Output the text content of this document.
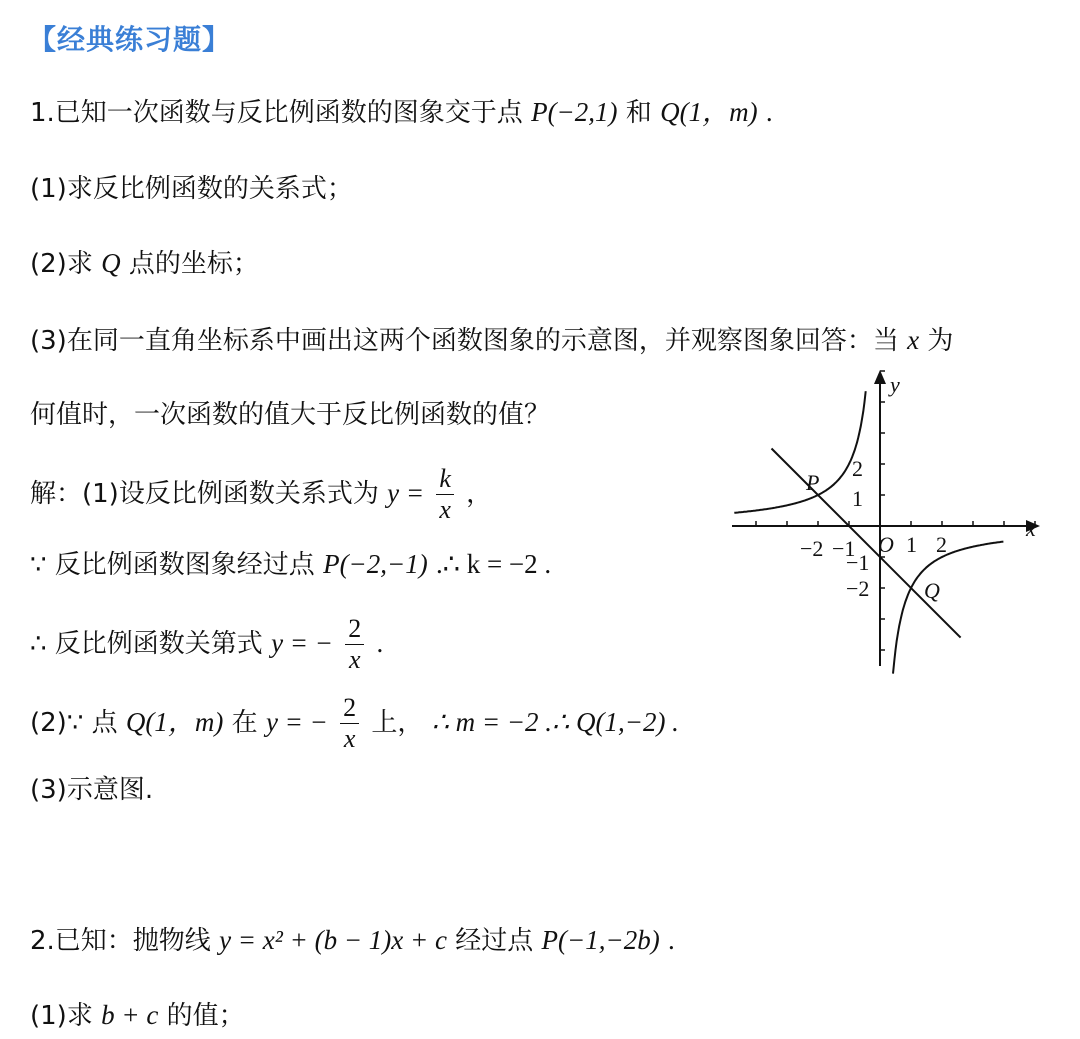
【经典练习题】
1.已知一次函数与反比例函数的图象交于点 P(−2,1) 和 Q(1，m) .
(1)求反比例函数的关系式；
(2)求 Q 点的坐标；
(3)在同一直角坐标系中画出这两个函数图象的示意图，并观察图象回答：当 x 为
何值时，一次函数的值大于反比例函数的值？
解：(1)设反比例函数关系式为 $y = \frac{k}{x}$ ，
∵ 反比例函数图象经过点 P(−2,−1) .∴ k = −2 .
∴ 反比例函数关第式 y = − $\frac{2}{x}$ .
(2)∵ 点 Q(1，m) 在 y = − $\frac{2}{x}$ 上， ∴ m = −2 .∴ Q(1,−2) .
(3)示意图.
2.已知：抛物线 y = x² + (b − 1)x + c 经过点 P(−1,−2b) .
(1)求 b + c 的值；
y
x
O
−2 −1 1 2
2
1
−1
−2
P
Q
